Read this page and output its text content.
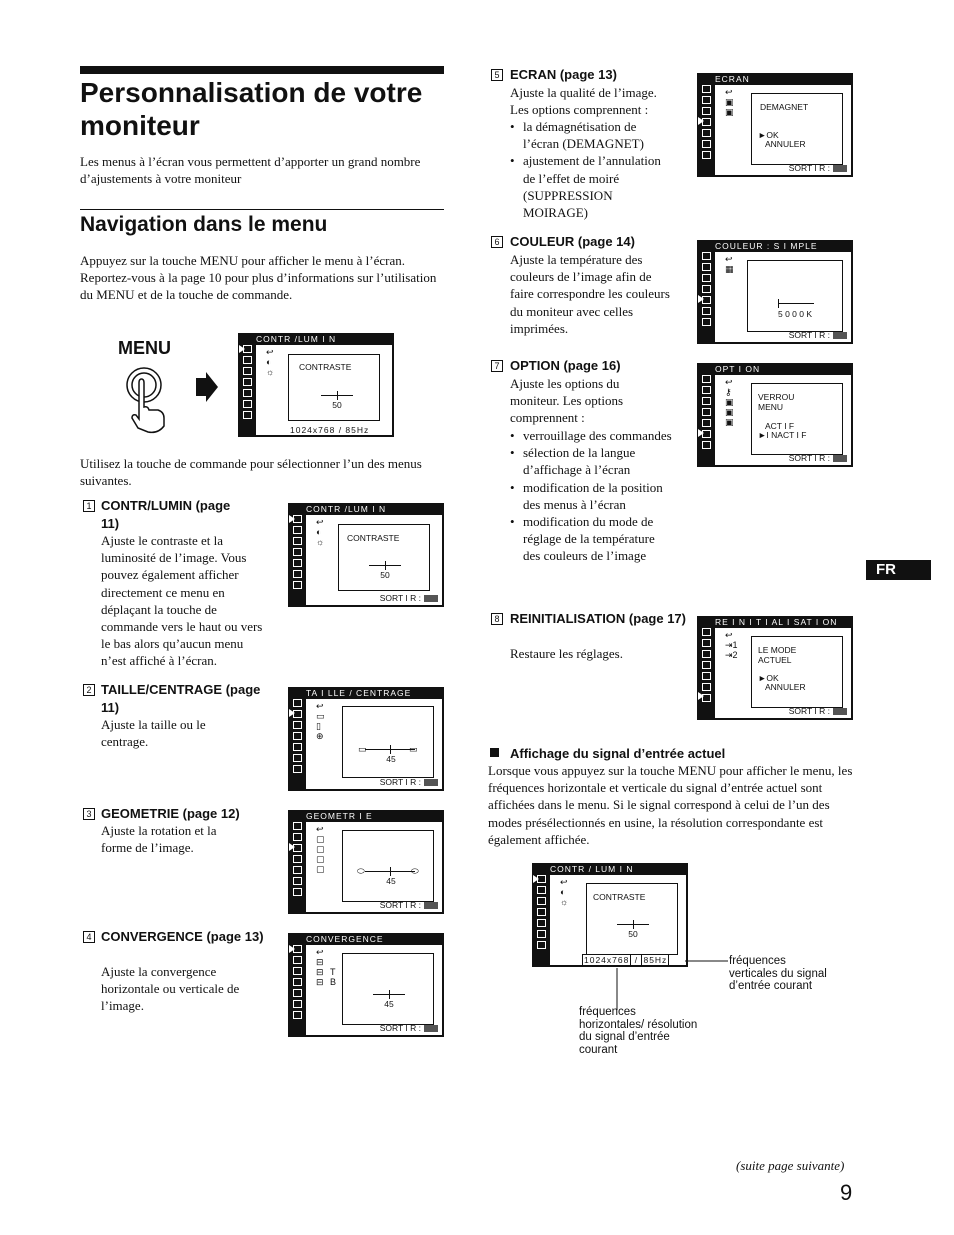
Personnalisation de votre moniteur
Les menus à l’écran vous permettent d’apporter un grand nombre d’ajustements à votre moniteur
Navigation dans le menu
Appuyez sur la touche MENU pour afficher le menu à l’écran. Reportez-vous à la page 10 pour plus d’informations sur l’utilisation du MENU et de la touche de commande.
MENU	CONTR /LUM I N
↩
◐
☼	CONTRASTE
50
1024x768 / 85Hz
Utilisez la touche de commande pour sélectionner l’un des menus suivantes.
1 CONTR/LUMIN (page 11)
Ajuste le contraste et la luminosité de l’image. Vous pouvez également afficher directement ce menu en déplaçant la touche de commande vers le haut ou vers le bas alors qu’aucun menu n’est affiché à l’écran.
CONTR /LUM I N
↩
◐
☼	CONTRASTE
50
SORT I R :
2 TAILLE/CENTRAGE (page 11)
Ajuste la taille ou le centrage.
TA I LLE / CENTRAGE
↩
▭
▯
⊕
▭	▭
45
SORT I R :
3 GEOMETRIE (page 12)
Ajuste la rotation et la forme de l’image.
GEOMETR I E
↩
▢
▢
▢
▢	⬭	⬭
45
SORT I R :
4 CONVERGENCE (page 13)
Ajuste la convergence horizontale ou verticale de l’image.
CONVERGENCE
↩
⊟
⊟
⊟
T
B
45
SORT I R :
5 ECRAN (page 13)
Ajuste la qualité de l’image. Les options comprennent :
• la démagnétisation de l’écran (DEMAGNET)
• ajustement de l’annulation de l’effet de moiré (SUPPRESSION MOIRAGE)
ECRAN
↩
▣
▣	DEMAGNET
►OK
ANNULER
SORT I R :
6 COULEUR (page 14)
Ajuste la température des couleurs de l’image afin de faire correspondre les couleurs du moniteur avec celles imprimées.
COULEUR : S I MPLE
↩
▦
5 0 0 0 K
SORT I R :
7 OPTION (page 16)
Ajuste les options du moniteur. Les options comprennent :
• verrouillage des commandes
• sélection de la langue d’affichage à l’écran
• modification de la position des menus à l’écran
• modification du mode de réglage de la température des couleurs de l’image
OPT I ON
↩
⚷
▣
▣
▣
VERROU MENU
ACT I F
►I NACT I F
SORT I R :
FR
8 REINITIALISATION (page 17)
Restaure les réglages.
RE I N I T I AL I SAT I ON
↩
⇥1
⇥2 LE MODE ACTUEL
►OK
ANNULER
SORT I R :
Affichage du signal d’entrée actuel
Lorsque vous appuyez sur la touche MENU pour afficher le menu, les fréquences horizontale et verticale du signal d’entrée actuel sont affichées dans le menu. Si le signal correspond à celui de l’un des modes présélectionnés en usine, la résolution correspondante est également affichée.
CONTR / LUM I N
↩
◐
☼	CONTRASTE
50
1024x768 / 85Hz	fréquences verticales du signal d’entrée courant
fréquences horizontales/ résolution du signal d’entrée courant
(suite page suivante)
9
